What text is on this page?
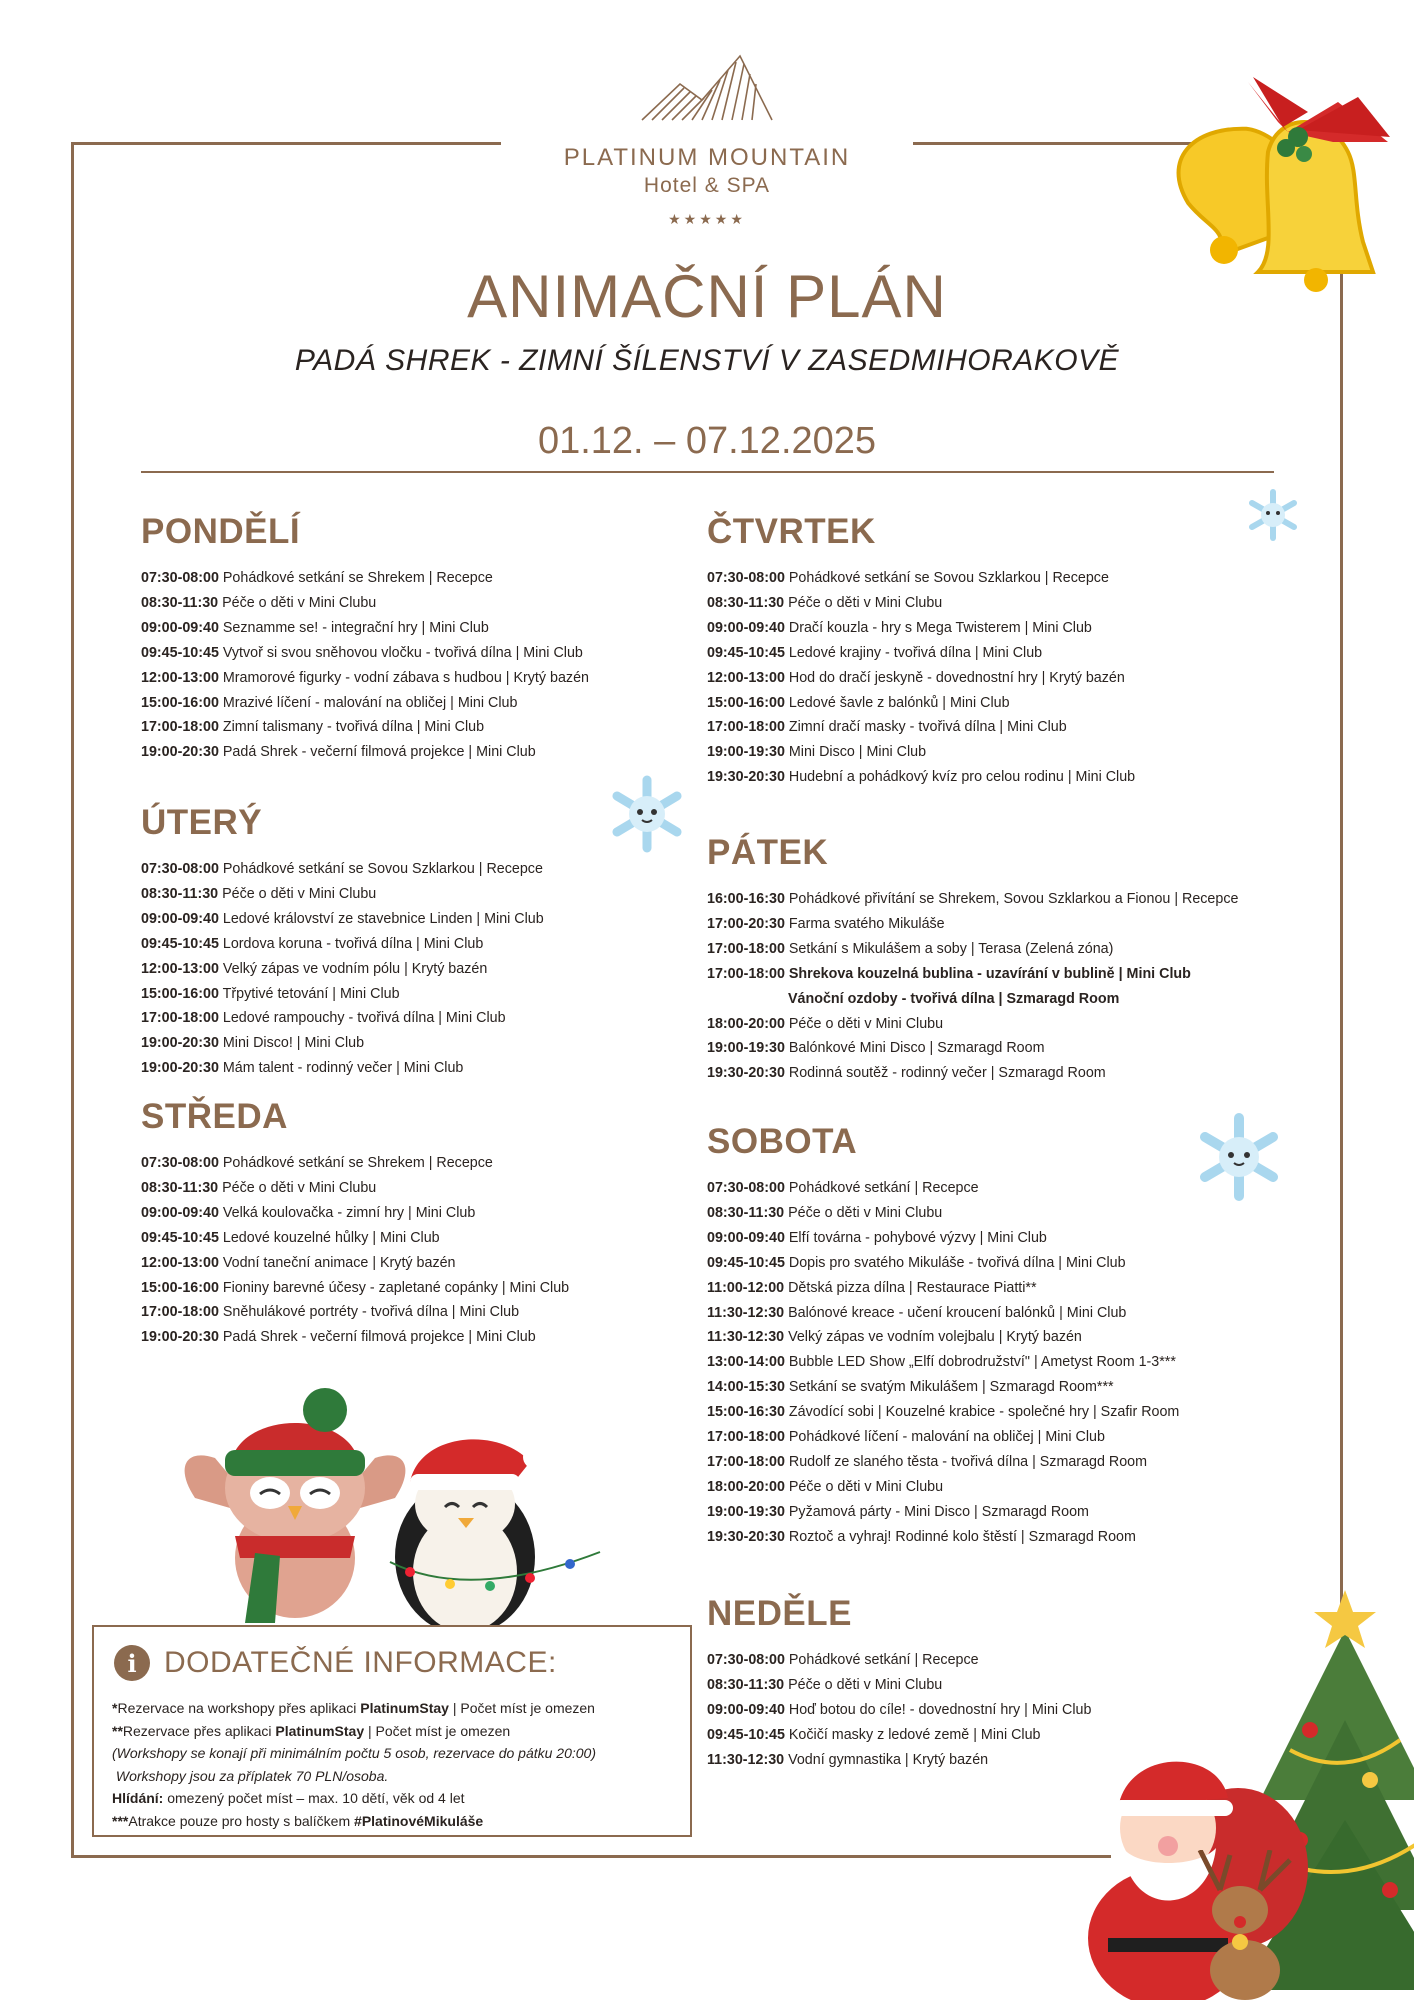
PLATINUM MOUNTAIN
Hotel & SPA
★★★★★
ANIMAČNÍ PLÁN
PADÁ SHREK - ZIMNÍ ŠÍLENSTVÍ V ZASEDMIHORAKOVĚ
01.12. – 07.12.2025
PONDĚLÍ
07:30-08:00 Pohádkové setkání se Shrekem | Recepce
08:30-11:30 Péče o děti v Mini Clubu
09:00-09:40 Seznamme se! - integrační hry | Mini Club
09:45-10:45 Vytvoř si svou sněhovou vločku - tvořivá dílna | Mini Club
12:00-13:00 Mramorové figurky - vodní zábava s hudbou | Krytý bazén
15:00-16:00 Mrazivé líčení - malování na obličej | Mini Club
17:00-18:00 Zimní talismany - tvořivá dílna | Mini Club
19:00-20:30 Padá Shrek - večerní filmová projekce | Mini Club
ÚTERÝ
07:30-08:00 Pohádkové setkání se Sovou Szklarkou | Recepce
08:30-11:30 Péče o děti v Mini Clubu
09:00-09:40 Ledové království ze stavebnice Linden | Mini Club
09:45-10:45 Lordova koruna - tvořivá dílna | Mini Club
12:00-13:00 Velký zápas ve vodním pólu | Krytý bazén
15:00-16:00 Třpytivé tetování | Mini Club
17:00-18:00 Ledové rampouchy - tvořivá dílna | Mini Club
19:00-20:30 Mini Disco! | Mini Club
19:00-20:30 Mám talent - rodinný večer | Mini Club
STŘEDA
07:30-08:00 Pohádkové setkání se Shrekem | Recepce
08:30-11:30 Péče o děti v Mini Clubu
09:00-09:40 Velká koulovačka - zimní hry | Mini Club
09:45-10:45 Ledové kouzelné hůlky | Mini Club
12:00-13:00 Vodní taneční animace | Krytý bazén
15:00-16:00 Fioniny barevné účesy - zapletané copánky | Mini Club
17:00-18:00 Sněhulákové portréty - tvořivá dílna | Mini Club
19:00-20:30 Padá Shrek - večerní filmová projekce | Mini Club
ČTVRTEK
07:30-08:00 Pohádkové setkání se Sovou Szklarkou | Recepce
08:30-11:30 Péče o děti v Mini Clubu
09:00-09:40 Dračí kouzla - hry s Mega Twisterem | Mini Club
09:45-10:45 Ledové krajiny - tvořivá dílna | Mini Club
12:00-13:00 Hod do dračí jeskyně - dovednostní hry | Krytý bazén
15:00-16:00 Ledové šavle z balónků | Mini Club
17:00-18:00 Zimní dračí masky - tvořivá dílna | Mini Club
19:00-19:30 Mini Disco | Mini Club
19:30-20:30 Hudební a pohádkový kvíz pro celou rodinu | Mini Club
PÁTEK
16:00-16:30 Pohádkové přivítání se Shrekem, Sovou Szklarkou a Fionou | Recepce
17:00-20:30 Farma svatého Mikuláše
17:00-18:00 Setkání s Mikulášem a soby | Terasa (Zelená zóna)
17:00-18:00 Shrekova kouzelná bublina - uzavírání v bublině | Mini Club
Vánoční ozdoby - tvořivá dílna | Szmaragd Room
18:00-20:00 Péče o děti v Mini Clubu
19:00-19:30 Balónkové Mini Disco | Szmaragd Room
19:30-20:30 Rodinná soutěž - rodinný večer | Szmaragd Room
SOBOTA
07:30-08:00 Pohádkové setkání | Recepce
08:30-11:30 Péče o děti v Mini Clubu
09:00-09:40 Elfí továrna - pohybové výzvy | Mini Club
09:45-10:45 Dopis pro svatého Mikuláše - tvořivá dílna | Mini Club
11:00-12:00 Dětská pizza dílna | Restaurace Piatti**
11:30-12:30 Balónové kreace - učení kroucení balónků | Mini Club
11:30-12:30 Velký zápas ve vodním volejbalu | Krytý bazén
13:00-14:00 Bubble LED Show „Elfí dobrodružství" | Ametyst Room 1-3***
14:00-15:30 Setkání se svatým Mikulášem | Szmaragd Room***
15:00-16:30 Závodící sobi | Kouzelné krabice - společné hry | Szafir Room
17:00-18:00 Pohádkové líčení - malování na obličej | Mini Club
17:00-18:00 Rudolf ze slaného těsta - tvořivá dílna | Szmaragd Room
18:00-20:00 Péče o děti v Mini Clubu
19:00-19:30 Pyžamová párty - Mini Disco | Szmaragd Room
19:30-20:30 Roztoč a vyhraj! Rodinné kolo štěstí | Szmaragd Room
NEDĚLE
07:30-08:00 Pohádkové setkání | Recepce
08:30-11:30 Péče o děti v Mini Clubu
09:00-09:40 Hoď botou do cíle! - dovednostní hry | Mini Club
09:45-10:45 Kočičí masky z ledové země | Mini Club
11:30-12:30 Vodní gymnastika | Krytý bazén
i DODATEČNÉ INFORMACE:
*Rezervace na workshopy přes aplikaci PlatinumStay | Počet míst je omezen
**Rezervace přes aplikaci PlatinumStay | Počet míst je omezen
(Workshopy se konají při minimálním počtu 5 osob, rezervace do pátku 20:00)
Workshopy jsou za příplatek 70 PLN/osoba.
Hlídání: omezený počet míst – max. 10 dětí, věk od 4 let
***Atrakce pouze pro hosty s balíčkem #PlatinovéMikuláše
